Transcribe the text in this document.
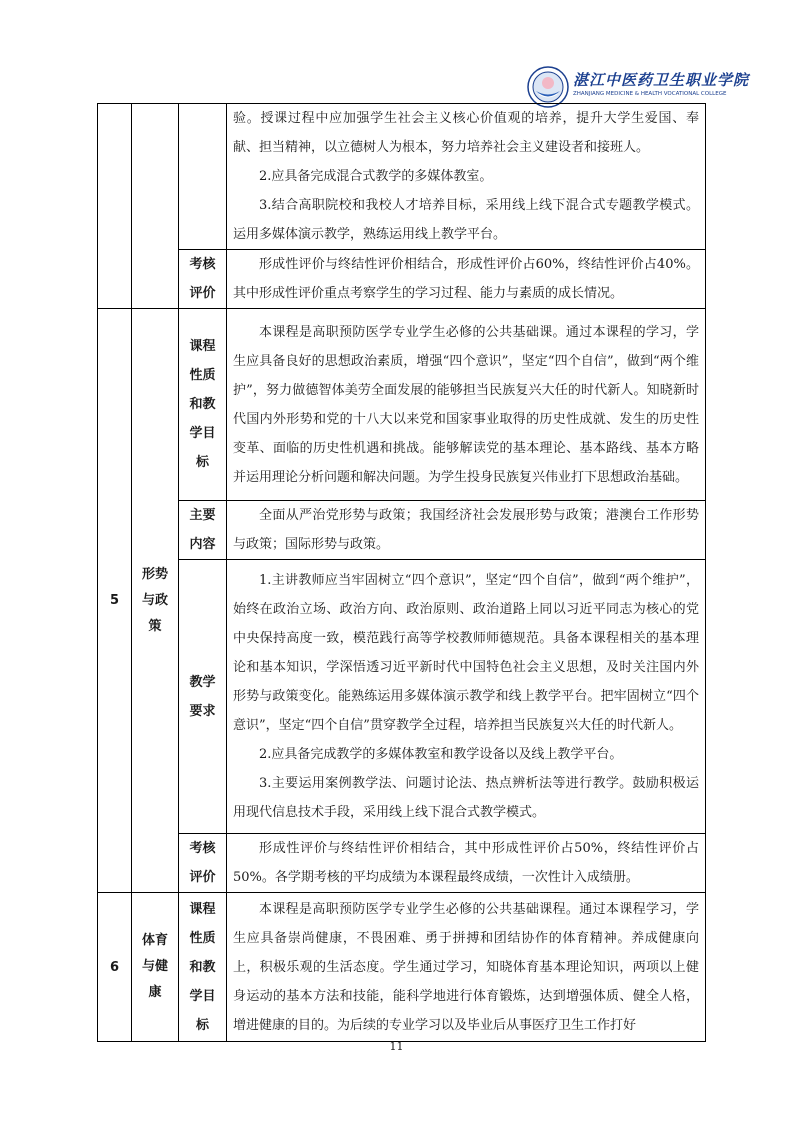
湛江中医药卫生职业学院
ZHANJIANG MEDICINE & HEALTH VOCATIONAL COLLEGE

			验。授课过程中应加强学生社会主义核心价值观的培养，提升大学生爱国、奉献、担当精神，以立德树人为根本，努力培养社会主义建设者和接班人。

2.应具备完成混合式教学的多媒体教室。

3.结合高职院校和我校人才培养目标，采用线上线下混合式专题教学模式。运用多媒体演示教学，熟练运用线上教学平台。

		考核评价	形成性评价与终结性评价相结合，形成性评价占60%，终结性评价占40%。其中形成性评价重点考察学生的学习过程、能力与素质的成长情况。
5	形势与政策	课程性质和教学目标	本课程是高职预防医学专业学生必修的公共基础课。通过本课程的学习，学生应具备良好的思想政治素质，增强“四个意识”，坚定“四个自信”，做到“两个维护”，努力做德智体美劳全面发展的能够担当民族复兴大任的时代新人。知晓新时代国内外形势和党的十八大以来党和国家事业取得的历史性成就、发生的历史性变革、面临的历史性机遇和挑战。能够解读党的基本理论、基本路线、基本方略并运用理论分析问题和解决问题。为学生投身民族复兴伟业打下思想政治基础。

		主要内容	全面从严治党形势与政策；我国经济社会发展形势与政策；港澳台工作形势与政策；国际形势与政策。

		教学要求	1.主讲教师应当牢固树立“四个意识”，坚定“四个自信”，做到“两个维护”，始终在政治立场、政治方向、政治原则、政治道路上同以习近平同志为核心的党中央保持高度一致，模范践行高等学校教师师德规范。具备本课程相关的基本理论和基本知识，学深悟透习近平新时代中国特色社会主义思想，及时关注国内外形势与政策变化。能熟练运用多媒体演示教学和线上教学平台。把牢固树立“四个意识”，坚定“四个自信”贯穿教学全过程，培养担当民族复兴大任的时代新人。

2.应具备完成教学的多媒体教室和教学设备以及线上教学平台。

3.主要运用案例教学法、问题讨论法、热点辨析法等进行教学。鼓励积极运用现代信息技术手段，采用线上线下混合式教学模式。

		考核评价	形成性评价与终结性评价相结合，其中形成性评价占50%，终结性评价占50%。各学期考核的平均成绩为本课程最终成绩，一次性计入成绩册。
6	体育与健康	课程性质和教学目标	本课程是高职预防医学专业学生必修的公共基础课程。通过本课程学习，学生应具备崇尚健康，不畏困难、勇于拼搏和团结协作的体育精神。养成健康向上，积极乐观的生活态度。学生通过学习，知晓体育基本理论知识，两项以上健身运动的基本方法和技能，能科学地进行体育锻炼，达到增强体质、健全人格，增进健康的目的。为后续的专业学习以及毕业后从事医疗卫生工作打好
11
